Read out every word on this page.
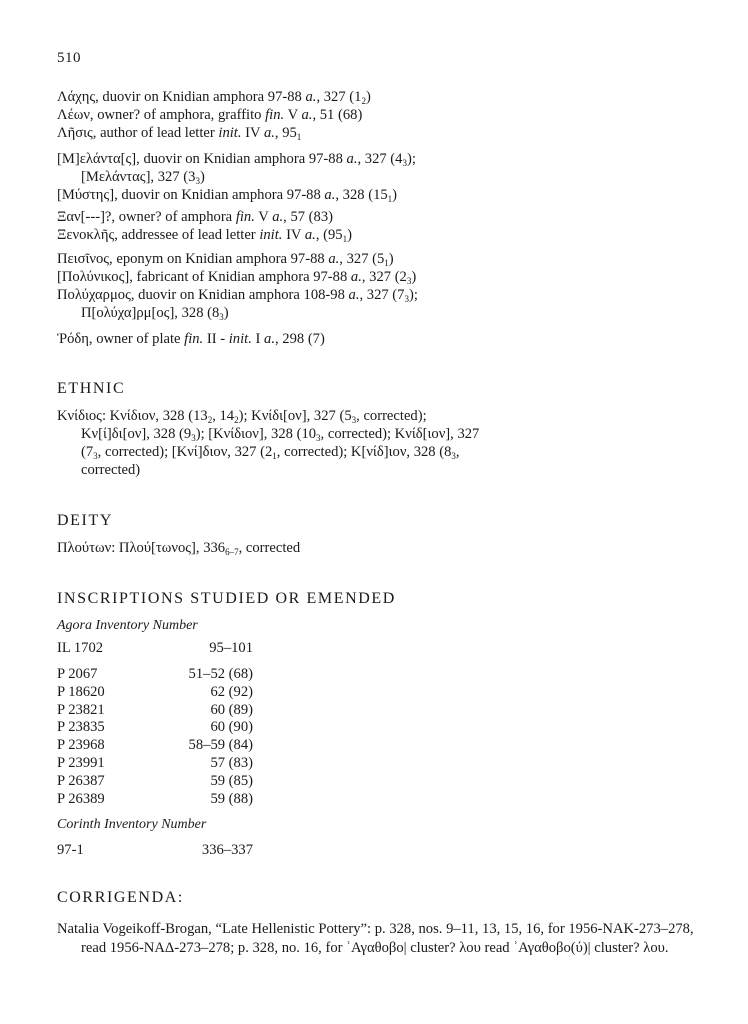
510
Λάχης, duovir on Knidian amphora 97-88 a., 327 $(1_2)$
Λέων, owner? of amphora, graffito fin. V a., 51 (68)
Λῆσις, author of lead letter init. IV a., $95_1$
[Μ]ελάντα[ς], duovir on Knidian amphora 97-88 a., 327 $(4_3)$;
[Μελάντας], 327 $(3_3)$
[Μύστης], duovir on Knidian amphora 97-88 a., 328 $(15_1)$
Ξαν[---]?, owner? of amphora fin. V a., 57 (83)
Ξενοκλῆς, addressee of lead letter init. IV a., $(95_1)$
Πεισῖνος, eponym on Knidian amphora 97-88 a., 327 $(5_1)$
[Πολύνικος], fabricant of Knidian amphora 97-88 a., 327 $(2_3)$
Πολύχαρμος, duovir on Knidian amphora 108-98 a., 327 $(7_3)$;
Π[ολύχα]ρμ[ος], 328 $(8_3)$
Ῥόδη, owner of plate fin. II - init. I a., 298 (7)
ETHNIC
Κνίδιος: Κνίδιον, 328 ($13_2$, $14_2$); Κνίδι[ον], 327 ($5_3$, corrected);
Κν[ί]δι[ον], 328 $(9_3)$; [Κνίδιον], 328 ($10_3$, corrected); Κνίδ[ιον], 327
($7_3$, corrected); [Κνί]διον, 327 ($2_1$, corrected); Κ[νίδ]ιον, 328 ($8_3$,
corrected)
DEITY
Πλούτων: Πλού[τωνος], $336_{6-7}$, corrected
INSCRIPTIONS STUDIED OR EMENDED
Agora Inventory Number
IL 1702	95–101
P 2067	51–52 (68)
P 18620	62 (92)
P 23821	60 (89)
P 23835	60 (90)
P 23968	58–59 (84)
P 23991	57 (83)
P 26387	59 (85)
P 26389	59 (88)
Corinth Inventory Number
97-1	336–337
CORRIGENDA:
Natalia Vogeikoff-Brogan, “Late Hellenistic Pottery”: p. 328, nos. 9–11, 13, 15, 16, for 1956-NAK-273–278,
read 1956-ΝΑΔ-273–278; p. 328, no. 16, for ʾΑγαθοβο| cluster? λου read ʾΑγαθοβο(ύ)| cluster? λου.
